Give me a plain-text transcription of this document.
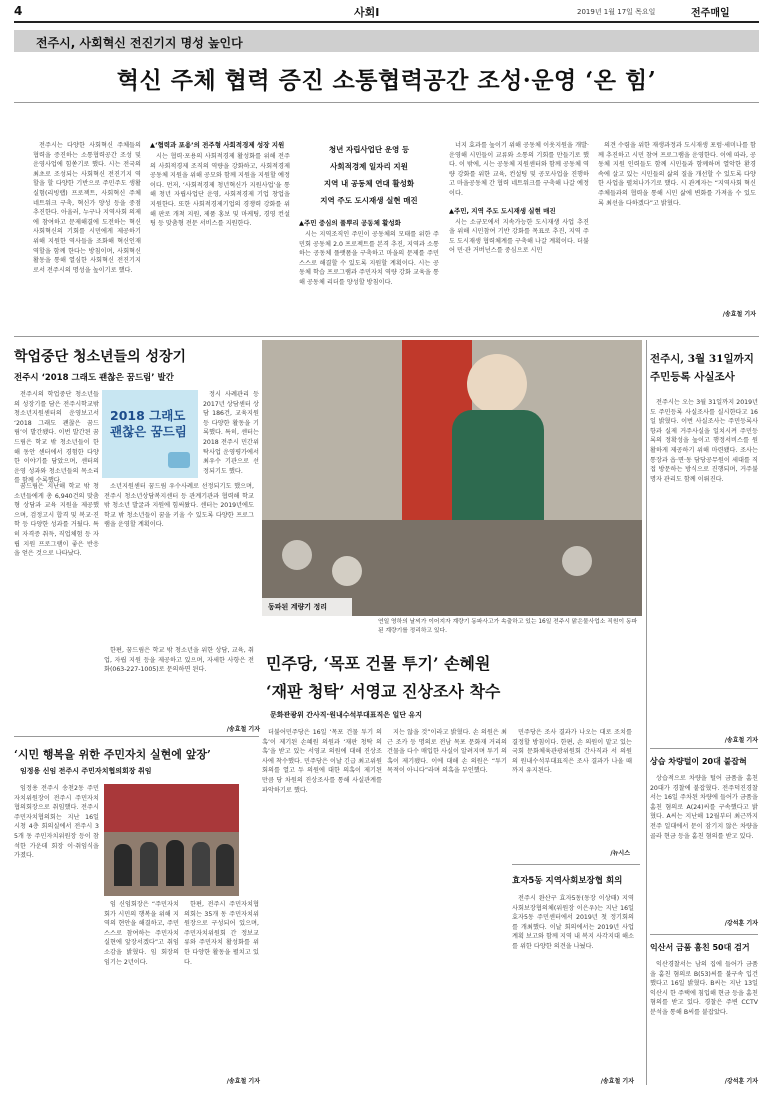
4	사회Ⅰ	2019년 1월 17일 목요일	전주매일
전주시, 사회혁신 전진기지 명성 높인다
혁신 주체 협력 증진 소통협력공간 조성·운영 ‘온 힘’

전주시는 다양한 사회혁신 주체들의 협력을 증진하는 소통협력공간 조성 및 운영사업에 힘쏟기로 했다. 시는 전국의 최초로 조성되는 사회혁신 전진기지 역할을 할 다양한 기반으로 주민주도 생활실험(리빙랩) 프로젝트, 사회혁신 주체 네트워크 구축, 혁신가 양성 등을 중점 추진한다. 아울러, 누구나 지역사회 의제에 참여하고 문제해결에 도전하는 혁신 사회혁신의 기회를 시민에게 제공하기 위해 지원한 역사들을 조화해 혁신인재 역할을 함께 한다는 방침이며, 사회혁신 활동을 통해 열심한 사회혁신 전진기지로서 전주시의 명성을 높이기로 했다.

▲‘협력과 포용’의 전주형 사회적경제 성장 지원

시는 협력·포용의 사회적경제 활성화를 위해 전주의 사회적경제 조직의 역량을 강화하고, 사회적경제 공동체 지원을 위해 공모와 함께 지원을 지원할 예정이다. 먼저, ‘사회적경제 청년혁신가 지원사업’을 통해 청년 자립사업단 운영, 사회적경제 기업 창업을 지원한다. 또한 사회적경제기업의 경쟁력 강화를 위해 판로 개척 지원, 제품 홍보 및 마케팅, 경영 컨설팅 등 맞춤형 전문 서비스를 지원한다.

청년 자립사업단 운영 등
사회적경제 일자리 지원
지역 내 공동체 연대 활성화
지역 주도 도시재생 실현 매진
▲주민 중심의 풀뿌리 공동체 활성화

시는 지역조직인 주민이 공동체의 모태를 위한 주민회 공동체 2.0 프로젝트를 본격 추진, 지역과 소통하는 공동체 플랫폼을 구축하고 마을의 문제를 주민 스스로 해결할 수 있도록 지원할 계획이다. 시는 공동체 학습 프로그램과 주민자치 역량 강화 교육을 통해 공동체 리더를 양성할 방침이다.

너지 효과를 높이기 위해 공동체 이웃지원을 개발·운영해 시민들이 교류와 소통의 기회를 만들기로 했다. 이 밖에, 시는 공동체 지원센터와 함께 공동체 역량 강화를 위한 교육, 컨설팅 및 공모사업을 진행하고 마을공동체 간 협력 네트워크를 구축해 나갈 예정이다.

▲주민, 지역 주도 도시재생 실현 매진

시는 소규모에서 지속가능한 도시재생 사업 추진을 위해 시민참여 기반 강화를 목표로 추진, 지역 주도 도시재생 협력체계를 구축해 나갈 계획이다. 더불어 민·관 거버넌스를 중심으로 시민

의견 수렴을 위한 재생과정과 도시재생 포럼·세미나를 함께 추진하고 시민 참여 프로그램을 운영한다. 이에 따라, 공동체 지원 인력들도 함께 시민들과 함께하며 열악한 환경 속에 살고 있는 시민들의 삶의 질을 개선할 수 있도록 다양한 사업을 펼쳐나가기로 했다. 시 관계자는 “지역사회 혁신 주체들과의 협력을 통해 시민 삶에 변화를 가져올 수 있도록 최선을 다하겠다”고 밝혔다.

/송효철 기자
학업중단 청소년들의 성장기
전주시 ‘2018 그래도 괜찮은 꿈드림’ 발간

전주시의 학업중단 청소년들의 성장기를 담은 전주시학교밖청소년지원센터의 운영보고서 ‘2018 그래도 괜찮은 꿈드림’이 발간됐다. 이번 발간된 꿈드림은 학교 밖 청소년들이 한 해 동안 센터에서 경험한 다양한 이야기를 담았으며, 센터의 운영 성과와 청소년들의 목소리를 함께 수록했다.

2018 그래도 괜찮은 꿈드림

정시 사례관리 등 2017년 상담센터 상담 186건, 교육지원 등 다양한 활동을 기록했다. 특히, 센터는 2018 전주시 민간위탁사업 운영평가에서 최우수 기관으로 선정되기도 했다.

꿈드림은 지난해 학교 밖 청소년들에게 총 6,940건의 맞춤형 상담과 교육 지원을 제공했으며, 검정고시 합격 및 복교·진학 등 다양한 성과를 거뒀다. 특히 자격증 취득, 직업체험 등 자립 지원 프로그램이 좋은 반응을 얻은 것으로 나타났다.

소년지원센터 꿈드림 우수사례로 선정되기도 했으며, 전주시 청소년상담복지센터 등 관계기관과 협력해 학교 밖 청소년 발굴과 지원에 힘써왔다. 센터는 2019년에도 학교 밖 청소년들이 꿈을 키울 수 있도록 다양한 프로그램을 운영할 계획이다.

한편, 꿈드림은 학교 밖 청소년을 위한 상담, 교육, 취업, 자립 지원 등을 제공하고 있으며, 자세한 사항은 전화(063-227-1005)로 문의하면 된다.

/송효철 기자
‘시민 행복을 위한 주민자치 실현에 앞장’
임정용 신임 전주시 주민자치협의회장 취임

임정용 전주시 송천2동 주민자치위원장이 전주시 주민자치협의회장으로 취임했다. 전주시 주민자치협의회는 지난 16일 시청 4층 회의실에서 전주시 35개 동 주민자치위원장 등이 참석한 가운데 회장 이·취임식을 가졌다.

임 신임회장은 “주민자치회가 시민의 행복을 위해 지역의 현안을 해결하고, 주민 스스로 참여하는 주민자치 실현에 앞장서겠다”고 취임 소감을 밝혔다. 임 회장의 임기는 2년이다.

한편, 전주시 주민자치협의회는 35개 동 주민자치위원장으로 구성되어 있으며, 주민자치위원회 간 정보교류와 주민자치 활성화를 위한 다양한 활동을 펼치고 있다.

/송효철 기자
동파된 계량기 정리
연일 영하의 날씨가 이어지자 계량기 동파사고가 속출하고 있는 16일 전주시 맑은물사업소 직원이 동파된 계량기를 정리하고 있다.
민주당, ‘목포 건물 투기’ 손혜원
‘재판 청탁’ 서영교 진상조사 착수
문화관광위 간사직·원내수석부대표직은 일단 유지

더불어민주당은 16일 ‘목포 건물 투기 의혹’이 제기된 손혜원 의원과 ‘재판 청탁 의혹’을 받고 있는 서영교 의원에 대해 진상조사에 착수했다. 민주당은 이날 긴급 최고위원회의를 열고 두 의원에 대한 의혹이 제기된 만큼 당 차원의 진상조사를 통해 사실관계를 파악하기로 했다.

지는 않을 것”이라고 밝혔다. 손 의원은 최근 조카 등 명의로 전남 목포 문화재 거리의 건물을 다수 매입한 사실이 알려지며 투기 의혹이 제기됐다. 이에 대해 손 의원은 “투기 목적이 아니다”라며 의혹을 부인했다.

민주당은 조사 결과가 나오는 대로 조치를 결정할 방침이다. 한편, 손 의원이 맡고 있는 국회 문화체육관광위원회 간사직과 서 의원의 원내수석부대표직은 조사 결과가 나올 때까지 유지된다.

/뉴시스
효자5동 지역사회보장협 회의

전주시 완산구 효자5동(동장 이상태) 지역사회보장협의체(위원장 이은우)는 지난 16일 효자5동 주민센터에서 2019년 첫 정기회의를 개최했다. 이날 회의에서는 2019년 사업계획 보고와 함께 지역 내 복지 사각지대 해소를 위한 다양한 의견을 나눴다.

/송효철 기자
전주시, 3월 31일까지
주민등록 사실조사

전주시는 오는 3월 31일까지 2019년도 주민등록 사실조사를 실시한다고 16일 밝혔다. 이번 사실조사는 주민등록사항과 실제 거주사실을 일치시켜 주민등록의 정확성을 높이고 행정서비스를 원활하게 제공하기 위해 마련됐다. 조사는 통장과 읍·면·동 담당공무원이 세대를 직접 방문하는 방식으로 진행되며, 거주불명자 관리도 함께 이뤄진다.

/송효철 기자
상습 차량털이 20대 붙잡혀

상습적으로 차량을 털어 금품을 훔친 20대가 경찰에 붙잡혔다. 전주덕진경찰서는 16일 주차된 차량에 들어가 금품을 훔친 혐의로 A(24)씨를 구속했다고 밝혔다. A씨는 지난해 12월부터 최근까지 전주 일대에서 문이 잠기지 않은 차량을 골라 현금 등을 훔친 혐의를 받고 있다.

/강석훈 기자
익산서 금품 훔친 50대 검거

익산경찰서는 남의 집에 들어가 금품을 훔친 혐의로 B(53)씨를 불구속 입건했다고 16일 밝혔다. B씨는 지난 13일 익산시 한 주택에 침입해 현금 등을 훔친 혐의를 받고 있다. 경찰은 주변 CCTV 분석을 통해 B씨를 붙잡았다.

/강석훈 기자
